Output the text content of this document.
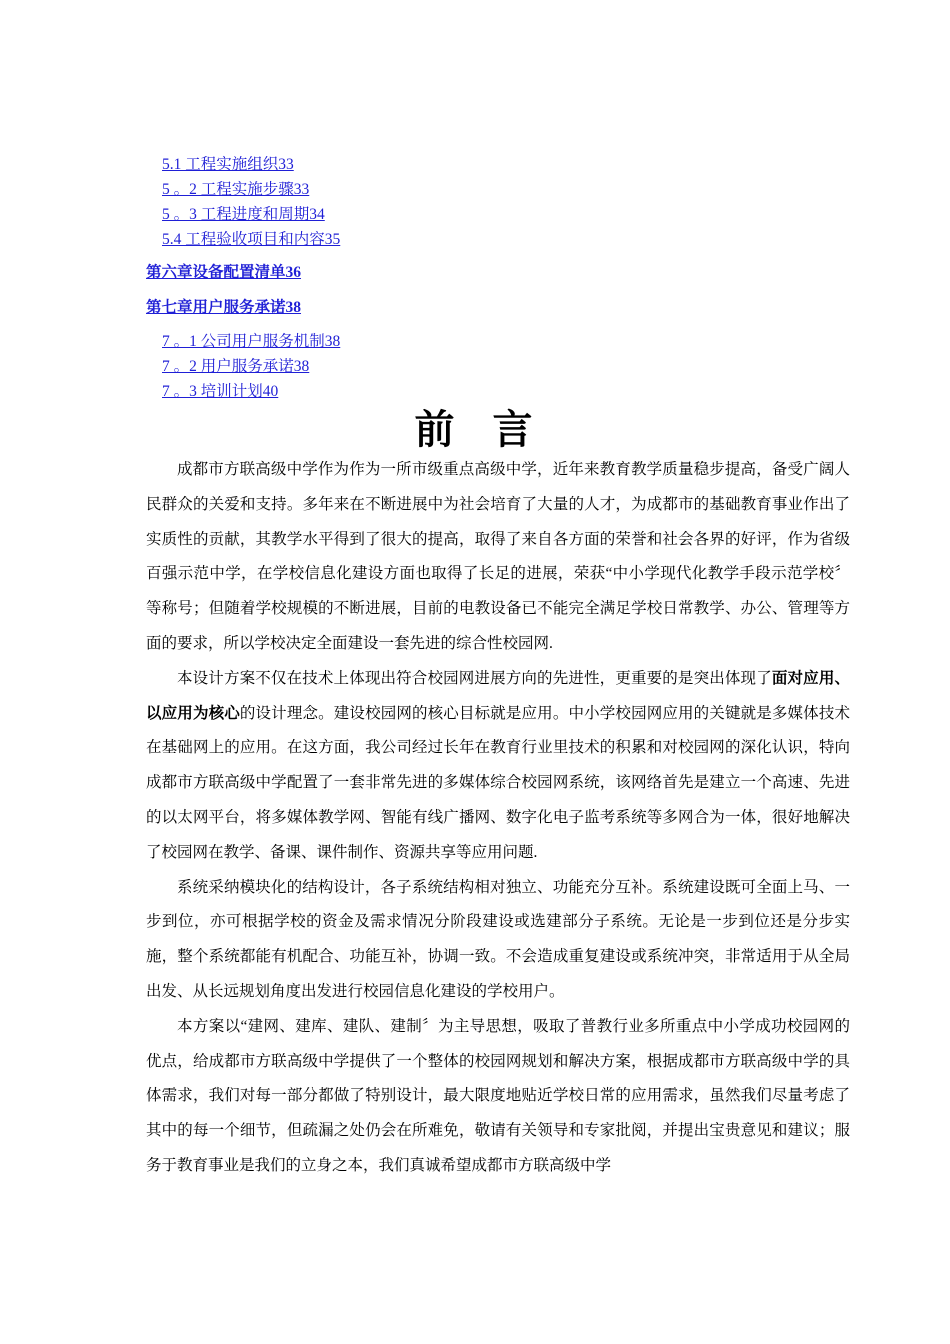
5.1 工程实施组织33
5 。2 工程实施步骤33
5 。3 工程进度和周期34
5.4 工程验收项目和内容35
第六章设备配置清单36
第七章用户服务承诺38
7 。1 公司用户服务机制38
7 。2 用户服务承诺38
7 。3 培训计划40
前言

成都市方联高级中学作为作为一所市级重点高级中学，近年来教育教学质量稳步提高，备受广阔人民群众的关爱和支持。多年来在不断进展中为社会培育了大量的人才，为成都市的基础教育事业作出了实质性的贡献，其教学水平得到了很大的提高，取得了来自各方面的荣誉和社会各界的好评，作为省级百强示范中学，在学校信息化建设方面也取得了长足的进展，荣获“中小学现代化教学手段示范学校〞等称号；但随着学校规模的不断进展，目前的电教设备已不能完全满足学校日常教学、办公、管理等方面的要求，所以学校决定全面建设一套先进的综合性校园网.

本设计方案不仅在技术上体现出符合校园网进展方向的先进性，更重要的是突出体现了面对应用、以应用为核心的设计理念。建设校园网的核心目标就是应用。中小学校园网应用的关键就是多媒体技术在基础网上的应用。在这方面，我公司经过长年在教育行业里技术的积累和对校园网的深化认识，特向成都市方联高级中学配置了一套非常先进的多媒体综合校园网系统，该网络首先是建立一个高速、先进的以太网平台，将多媒体教学网、智能有线广播网、数字化电子监考系统等多网合为一体，很好地解决了校园网在教学、备课、课件制作、资源共享等应用问题.

系统采纳模块化的结构设计，各子系统结构相对独立、功能充分互补。系统建设既可全面上马、一步到位，亦可根据学校的资金及需求情况分阶段建设或选建部分子系统。无论是一步到位还是分步实施，整个系统都能有机配合、功能互补，协调一致。不会造成重复建设或系统冲突，非常适用于从全局出发、从长远规划角度出发进行校园信息化建设的学校用户。

本方案以“建网、建库、建队、建制〞为主导思想，吸取了普教行业多所重点中小学成功校园网的优点，给成都市方联高级中学提供了一个整体的校园网规划和解决方案，根据成都市方联高级中学的具体需求，我们对每一部分都做了特别设计，最大限度地贴近学校日常的应用需求，虽然我们尽量考虑了其中的每一个细节，但疏漏之处仍会在所难免，敬请有关领导和专家批阅，并提出宝贵意见和建议；服务于教育事业是我们的立身之本，我们真诚希望成都市方联高级中学
